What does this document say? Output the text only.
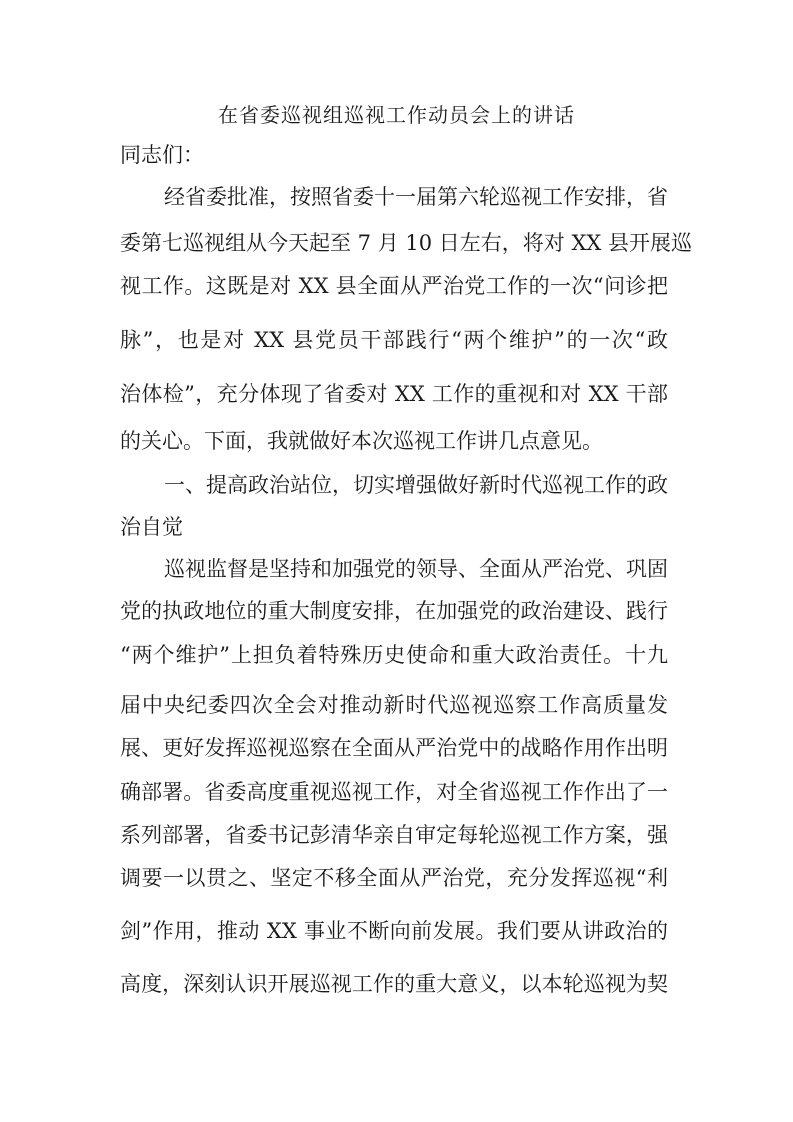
在省委巡视组巡视工作动员会上的讲话
同志们：
经省委批准，按照省委十一届第六轮巡视工作安排，省
委第七巡视组从今天起至 7 月 10 日左右，将对 XX 县开展巡
视工作。这既是对 XX 县全面从严治党工作的一次“问诊把
脉”，也是对 XX 县党员干部践行“两个维护”的一次“政
治体检”，充分体现了省委对 XX 工作的重视和对 XX 干部
的关心。下面，我就做好本次巡视工作讲几点意见。
一、提高政治站位，切实增强做好新时代巡视工作的政
治自觉
巡视监督是坚持和加强党的领导、全面从严治党、巩固
党的执政地位的重大制度安排，在加强党的政治建设、践行
“两个维护”上担负着特殊历史使命和重大政治责任。十九
届中央纪委四次全会对推动新时代巡视巡察工作高质量发
展、更好发挥巡视巡察在全面从严治党中的战略作用作出明
确部署。省委高度重视巡视工作，对全省巡视工作作出了一
系列部署，省委书记彭清华亲自审定每轮巡视工作方案，强
调要一以贯之、坚定不移全面从严治党，充分发挥巡视“利
剑”作用，推动 XX 事业不断向前发展。我们要从讲政治的
高度，深刻认识开展巡视工作的重大意义，以本轮巡视为契
